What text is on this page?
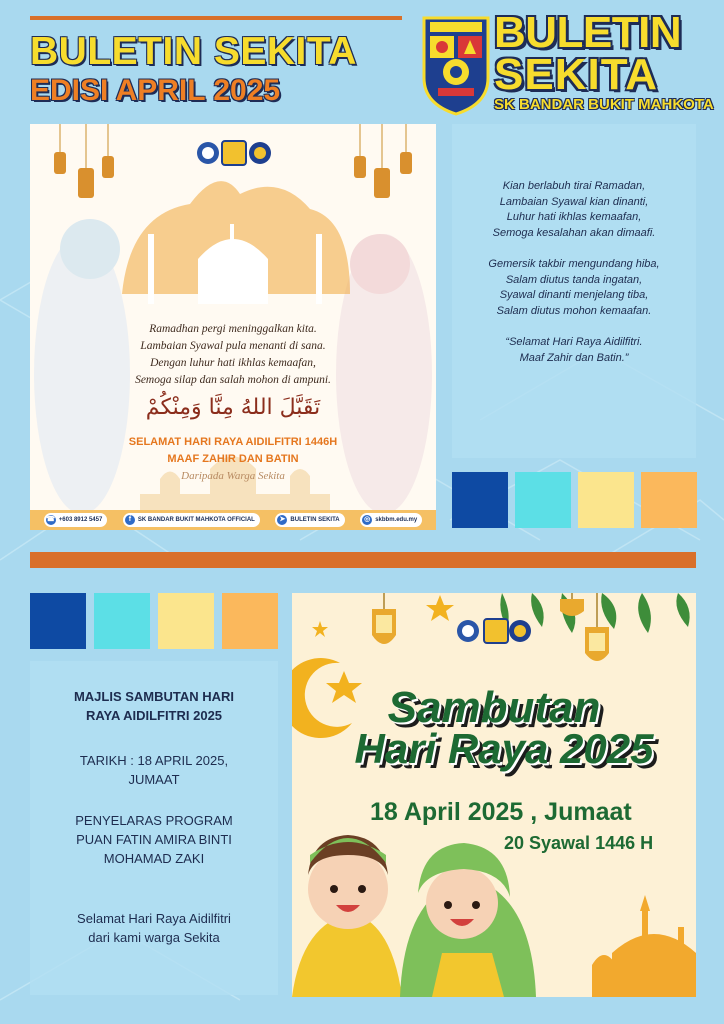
BULETIN SEKITA
EDISI APRIL 2025
BULETIN
SEKITA
SK BANDAR BUKIT MAHKOTA
Ramadhan pergi meninggalkan kita.
Lambaian Syawal pula menanti di sana.
Dengan luhur hati ikhlas kemaafan,
Semoga silap dan salah mohon di ampuni.
تَقَبَّلَ اللهُ مِنَّا وَمِنْكُمْ
SELAMAT HARI RAYA AIDILFITRI 1446H
MAAF ZAHIR DAN BATIN
Daripada Warga Sekita
☎ +603 8912 5457	f	SK BANDAR BUKIT MAHKOTA OFFICIAL	➤ BULETIN SEKITA	◎ skbbm.edu.my

Kian berlabuh tirai Ramadan,
Lambaian Syawal kian dinanti,
Luhur hati ikhlas kemaafan,
Semoga kesalahan akan dimaafi.

Gemersik takbir mengundang hiba,
Salam diutus tanda ingatan,
Syawal dinanti menjelang tiba,
Salam diutus mohon kemaafan.

“Selamat Hari Raya Aidilfitri.
Maaf Zahir dan Batin.”

MAJLIS SAMBUTAN HARI
RAYA AIDILFITRI 2025
TARIKH : 18 APRIL 2025,
JUMAAT
PENYELARAS PROGRAM
PUAN FATIN AMIRA BINTI
MOHAMAD ZAKI
Selamat Hari Raya Aidilfitri
dari kami warga Sekita
Sambutan
Hari Raya 2025
18 April 2025 , Jumaat
20 Syawal 1446 H
